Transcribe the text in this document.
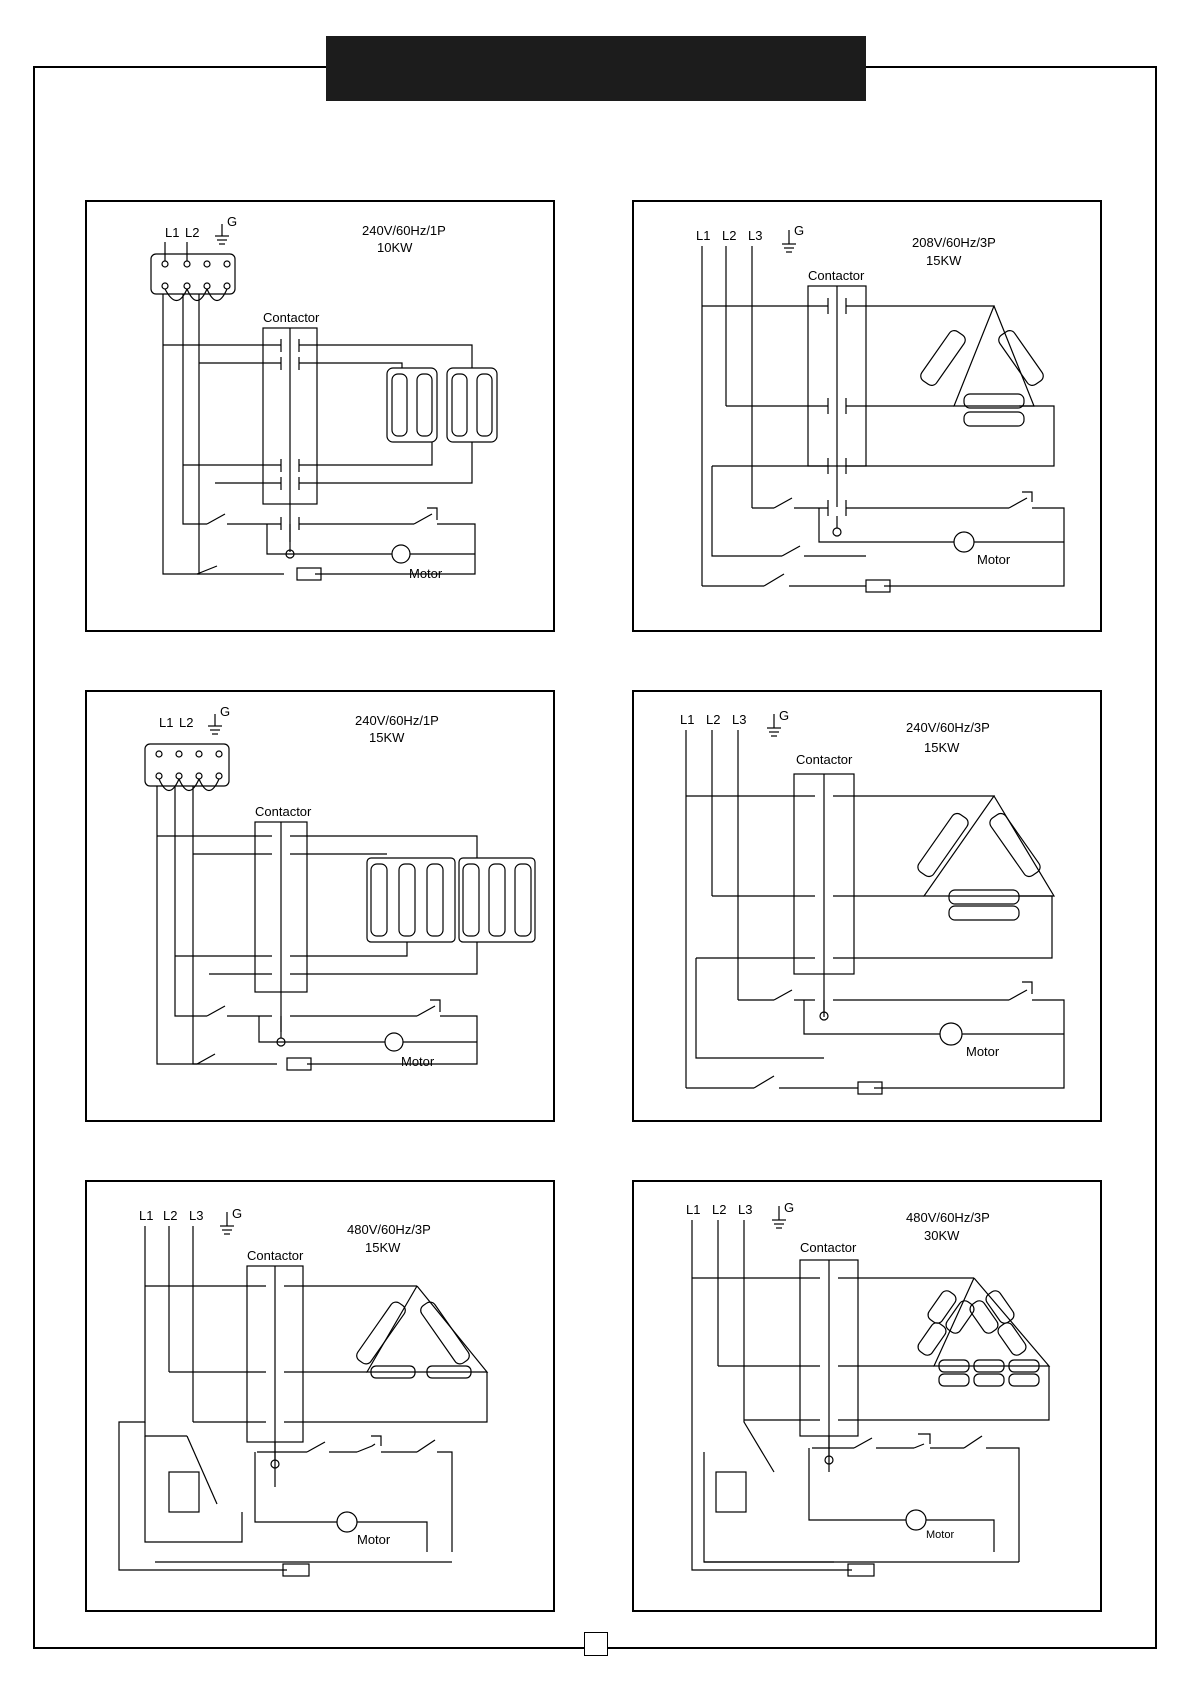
L1 L2
G
240V/60Hz/1P
10KW
Contactor
Motor
L1 L2 L3 G
208V/60Hz/3P
15KW
Contactor
Motor
L1 L2
G
240V/60Hz/1P
15KW
Contactor
Motor
L1 L2 L3	G
240V/60Hz/3P
15KW
Contactor
Motor
L1 L2 L3 G
480V/60Hz/3P
15KW
Contactor
Motor
L1 L2 L3 G
480V/60Hz/3P
30KW
Contactor
Motor
